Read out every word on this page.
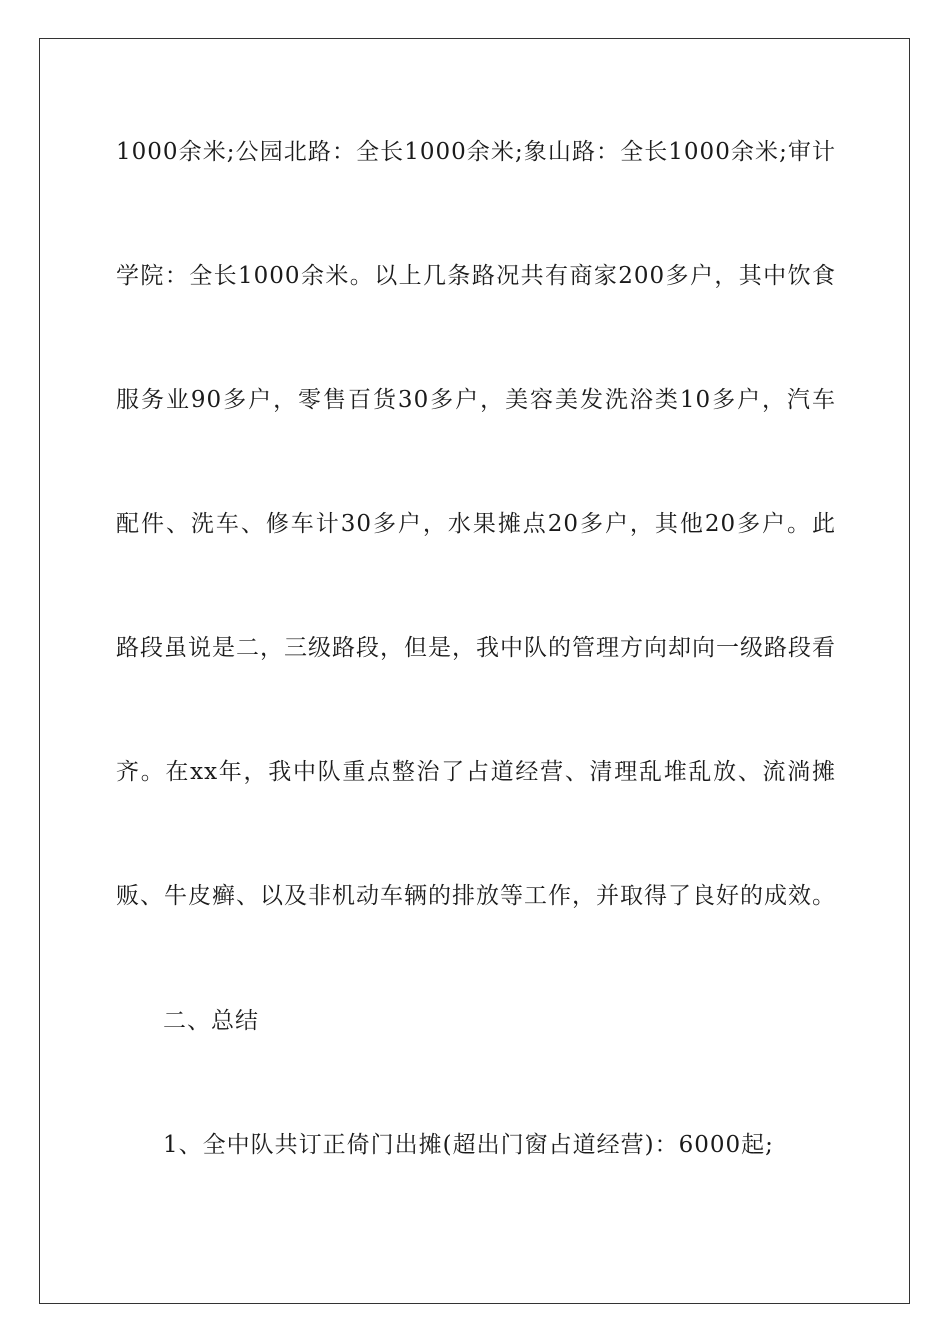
1000余米;公园北路：全长1000余米;象山路：全长1000余米;审计
学院：全长1000余米。以上几条路况共有商家200多户，其中饮食
服务业90多户，零售百货30多户，美容美发洗浴类10多户，汽车
配件、洗车、修车计30多户，水果摊点20多户，其他20多户。此
路段虽说是二，三级路段，但是，我中队的管理方向却向一级路段看
齐。在xx年，我中队重点整治了占道经营、清理乱堆乱放、流淌摊
贩、牛皮癣、以及非机动车辆的排放等工作，并取得了良好的成效。
二、总结
1、全中队共订正倚门出摊(超出门窗占道经营)：6000起;
